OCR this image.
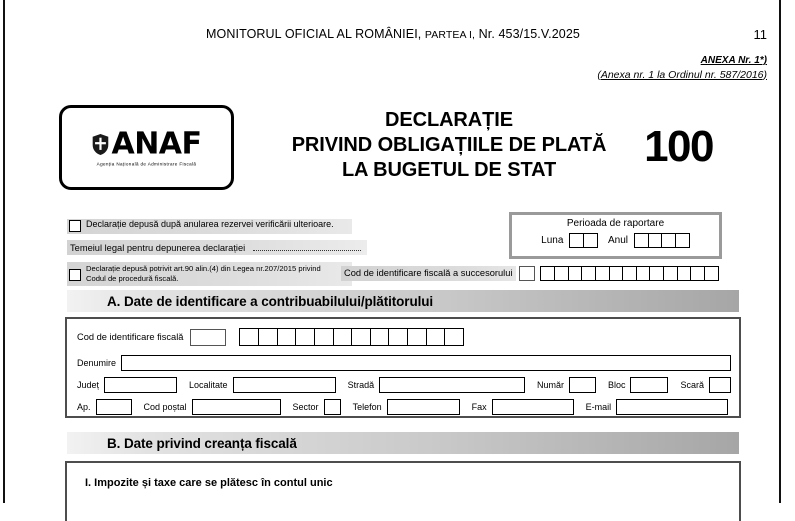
MONITORUL OFICIAL AL ROMÂNIEI, PARTEA I, Nr. 453/15.V.2025	11
ANEXA Nr. 1*)
(Anexa nr. 1 la Ordinul nr. 587/2016)
ANAF
Agenția Națională de Administrare Fiscală
DECLARAȚIE
PRIVIND OBLIGAȚIILE DE PLATĂ
LA BUGETUL DE STAT	100
Declarație depusă după anularea rezervei verificării ulterioare.
Temeiul legal pentru depunerea declarației
Declarație depusă potrivit art.90 alin.(4) din Legea nr.207/2015 privind Codul de procedură fiscală.
Perioada de raportare
Luna	Anul
Cod de identificare fiscală a succesorului
A. Date de identificare a contribuabilului/plătitorului
Cod de identificare fiscală
Denumire
Județ	Localitate	Stradă	Număr	Bloc	Scară
Ap.	Cod poștal	Sector	Telefon	Fax	E-mail
B. Date privind creanța fiscală
I. Impozite și taxe care se plătesc în contul unic
